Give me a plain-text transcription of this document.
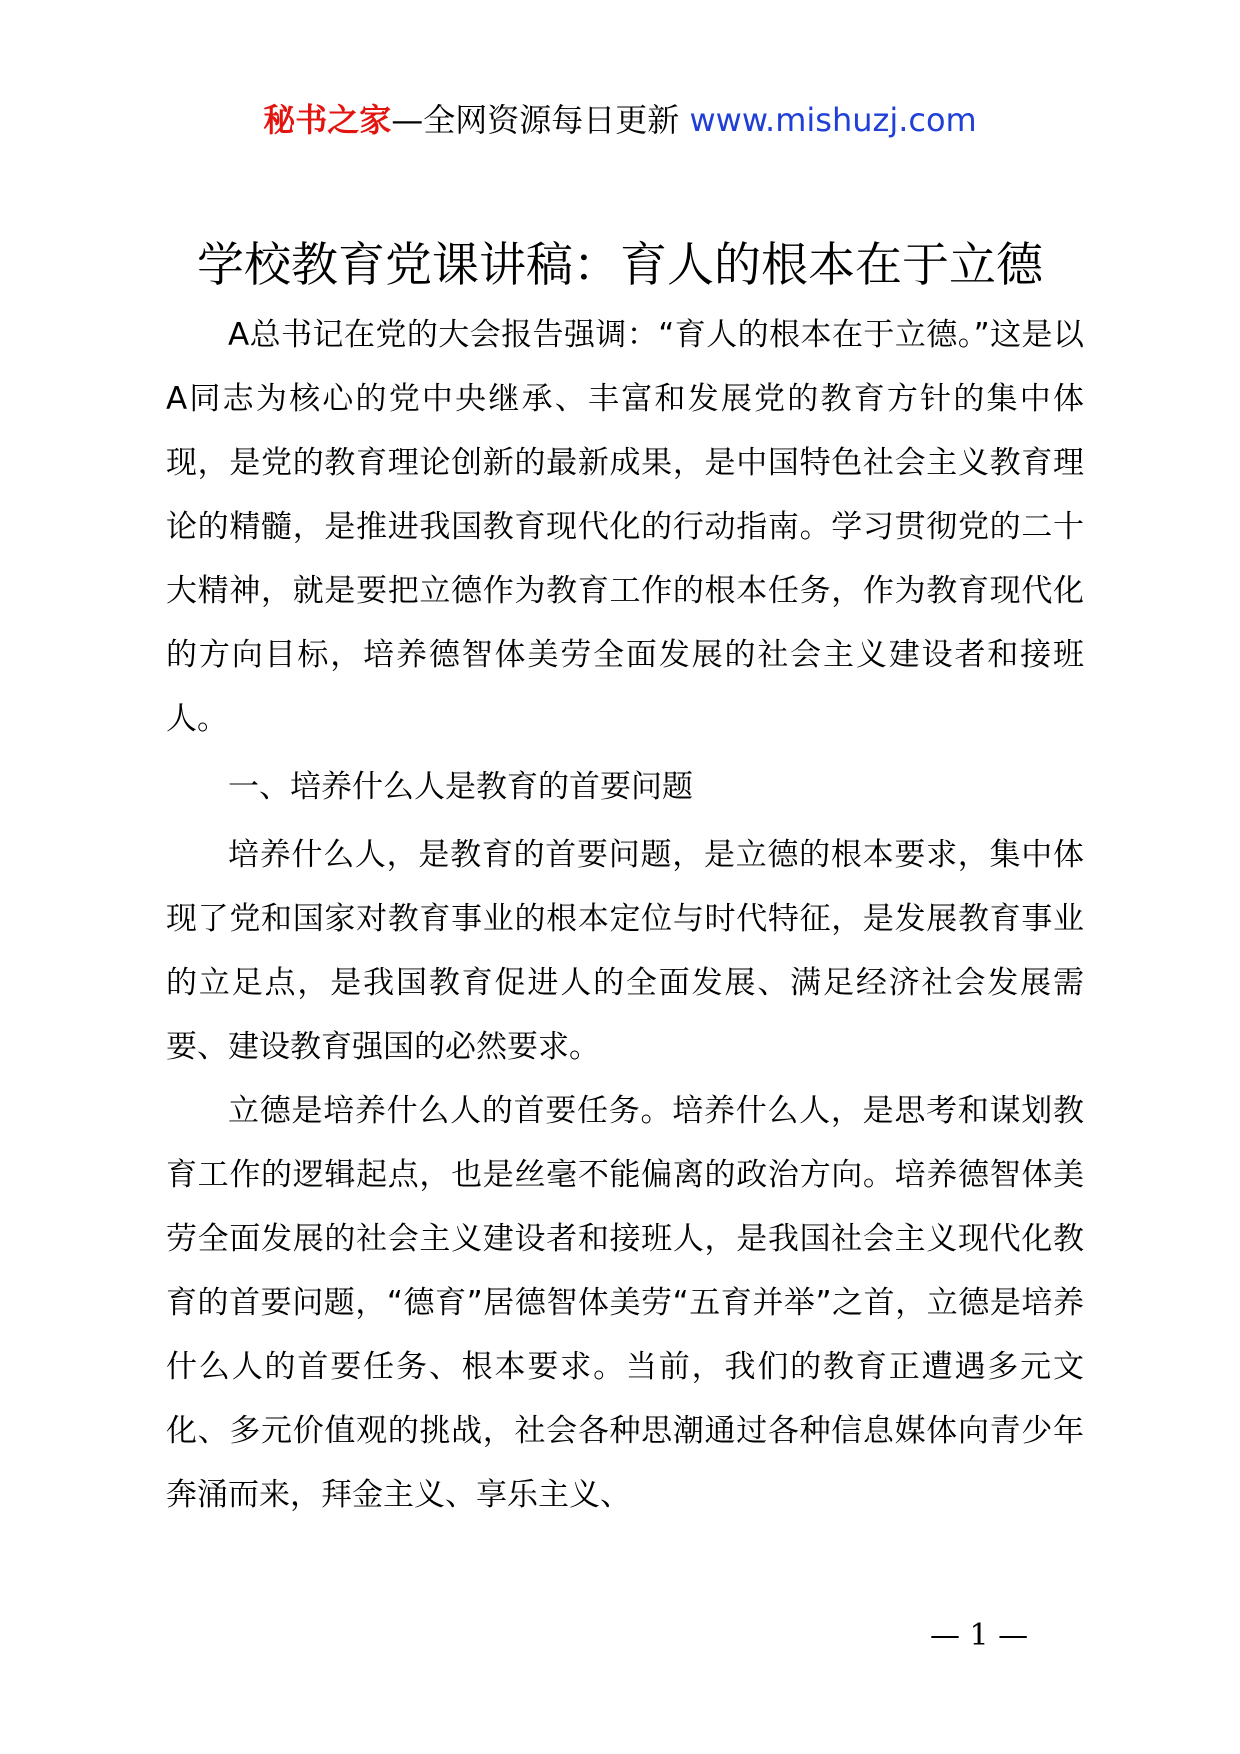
秘书之家—全网资源每日更新 www.mishuzj.com
学校教育党课讲稿：育人的根本在于立德

A总书记在党的大会报告强调：“育人的根本在于立德。”这是以A同志为核心的党中央继承、丰富和发展党的教育方针的集中体现，是党的教育理论创新的最新成果，是中国特色社会主义教育理论的精髓，是推进我国教育现代化的行动指南。学习贯彻党的二十大精神，就是要把立德作为教育工作的根本任务，作为教育现代化的方向目标，培养德智体美劳全面发展的社会主义建设者和接班人。

一、培养什么人是教育的首要问题

培养什么人，是教育的首要问题，是立德的根本要求，集中体现了党和国家对教育事业的根本定位与时代特征，是发展教育事业的立足点，是我国教育促进人的全面发展、满足经济社会发展需要、建设教育强国的必然要求。

立德是培养什么人的首要任务。培养什么人，是思考和谋划教育工作的逻辑起点，也是丝毫不能偏离的政治方向。培养德智体美劳全面发展的社会主义建设者和接班人，是我国社会主义现代化教育的首要问题，“德育”居德智体美劳“五育并举”之首，立德是培养什么人的首要任务、根本要求。当前，我们的教育正遭遇多元文化、多元价值观的挑战，社会各种思潮通过各种信息媒体向青少年奔涌而来，拜金主义、享乐主义、

— 1 —
